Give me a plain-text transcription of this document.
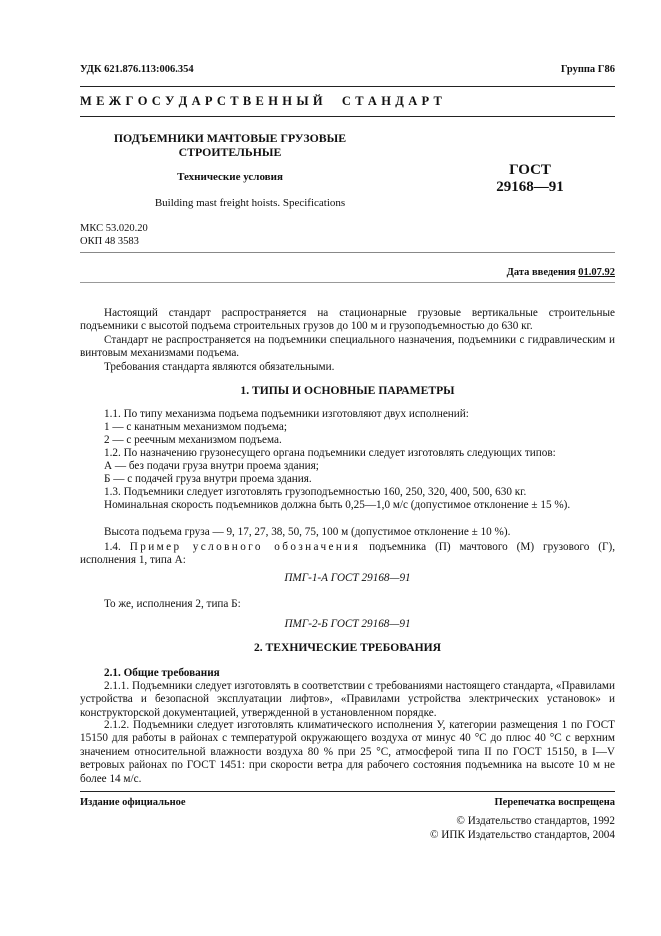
УДК 621.876.113:006.354	Группа Г86
М Е Ж Г О С У Д А Р С Т В Е Н Н Ы Й     С Т А Н Д А Р Т
ПОДЪЕМНИКИ МАЧТОВЫЕ ГРУЗОВЫЕ
СТРОИТЕЛЬНЫЕ
Технические условия
Building mast freight hoists. Specifications
ГОСТ
29168—91
МКС 53.020.20
ОКП 48 3583
Дата введения 01.07.92
Настоящий стандарт распространяется на стационарные грузовые вертикальные строительные подъемники с высотой подъема строительных грузов до 100 м и грузоподъемностью до 630 кг.
Стандарт не распространяется на подъемники специального назначения, подъемники с гидравлическим и винтовым механизмами подъема.
Требования стандарта являются обязательными.
1. ТИПЫ И ОСНОВНЫЕ ПАРАМЕТРЫ
1.1. По типу механизма подъема подъемники изготовляют двух исполнений:
1 — с канатным механизмом подъема;
2 — с реечным механизмом подъема.
1.2. По назначению грузонесущего органа подъемники следует изготовлять следующих типов:
А — без подачи груза внутри проема здания;
Б — с подачей груза внутри проема здания.
1.3. Подъемники следует изготовлять грузоподъемностью 160, 250, 320, 400, 500, 630 кг.
Номинальная скорость подъемников должна быть 0,25—1,0 м/с (допустимое отклонение ± 15 %).
Высота подъема груза — 9, 17, 27, 38, 50, 75, 100 м (допустимое отклонение ± 10 %).
1.4. Пример условного обозначения подъемника (П) мачтового (М) грузового (Г), исполнения 1, типа А:
ПМГ-1-А ГОСТ 29168—91
То же, исполнения 2, типа Б:
ПМГ-2-Б ГОСТ 29168—91
2. ТЕХНИЧЕСКИЕ ТРЕБОВАНИЯ
2.1. Общие требования
2.1.1. Подъемники следует изготовлять в соответствии с требованиями настоящего стандарта, «Правилами устройства и безопасной эксплуатации лифтов», «Правилами устройства электрических установок» и конструкторской документацией, утвержденной в установленном порядке.
2.1.2. Подъемники следует изготовлять климатического исполнения У, категории размещения 1 по ГОСТ 15150 для работы в районах с температурой окружающего воздуха от минус 40 °С до плюс 40 °С с верхним значением относительной влажности воздуха 80 % при 25 °С, атмосферой типа II по ГОСТ 15150, в I—V ветровых районах по ГОСТ 1451: при скорости ветра для рабочего состояния подъемника на высоте 10 м не более 14 м/с.
Издание официальное	Перепечатка воспрещена
© Издательство стандартов, 1992
© ИПК Издательство стандартов, 2004
